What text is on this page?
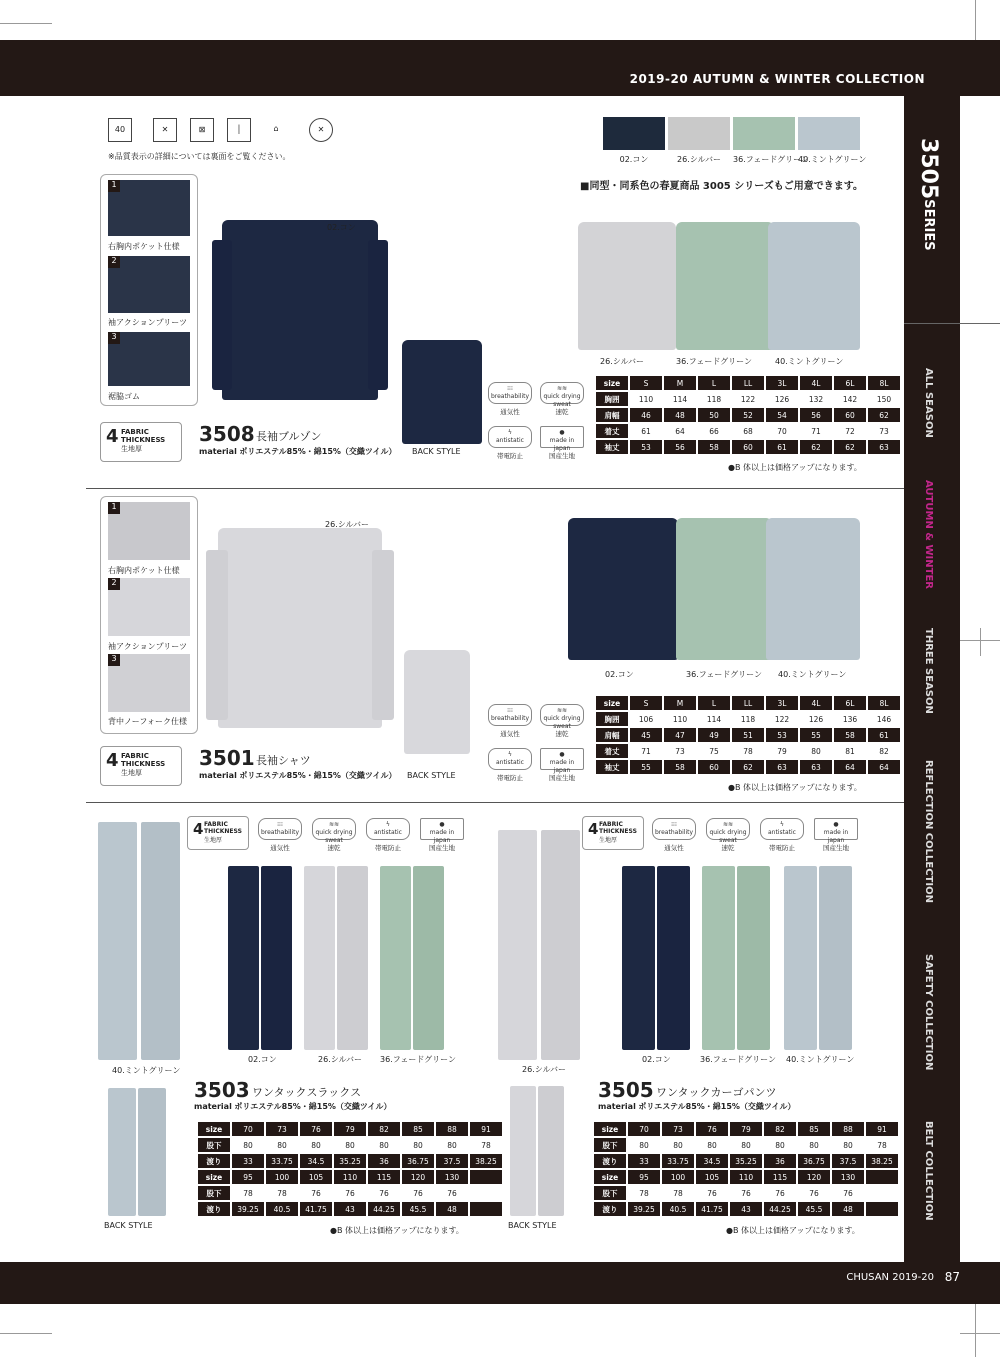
2019-20 AUTUMN & WINTER COLLECTION
3505SERIES
ALL SEASON
AUTUMN & WINTER
THREE SEASON
REFLECTION COLLECTION
SAFETY COLLECTION
BELT COLLECTION
CHUSAN 2019-20 87
40	✕	⊠	│	⌂	✕
※品質表示の詳細については裏面をご覧ください。	02.コン	26.シルバー	36.フェードグリーン
40.ミントグリーン
■同型・同系色の春夏商品 3005 シリーズもご用意できます。
1
右胸内ポケット仕様
2
袖アクションプリーツ
3
裾脇ゴム
02.コン
BACK STYLE
4 FABRIC
THICKNESS
生地厚
3508 長袖ブルゾン
material ポリエステル85%・綿15%（交織ツイル）
26.シルバー	36.フェードグリーン	40.ミントグリーン
⁝⁝⁝
breathability
通気性
≋≋
quick drying sweat
速乾
ϟ
antistatic
帯電防止
●
made in japan
国産生地
size	S	M	L	LL	3L	4L	6L	8L
胸囲	110	114	118	122	126	132	142	150
肩幅	46	48	50	52	54	56	60	62
着丈	61	64	66	68	70	71	72	73
袖丈	53	56	58	60	61	62	62	63
●B 体以上は価格アップになります。
1
右胸内ポケット仕様
2
袖アクションプリーツ
3
背中ノーフォーク仕様
26.シルバー
BACK STYLE
4 FABRIC
THICKNESS
生地厚
3501 長袖シャツ
material ポリエステル85%・綿15%（交織ツイル）
02.コン	36.フェードグリーン 40.ミントグリーン
⁝⁝⁝
breathability
通気性
≋≋
quick drying sweat
速乾
ϟ
antistatic
帯電防止
●
made in japan
国産生地
size	S	M	L	LL	3L	4L	6L	8L
胸囲	106	110	114	118	122	126	136	146
肩幅	45	47	49	51	53	55	58	61
着丈	71	73	75	78	79	80	81	82
袖丈	55	58	60	62	63	63	64	64
●B 体以上は価格アップになります。
40.ミントグリーン
4 FABRIC
THICKNESS
生地厚
⁝⁝⁝
breathability
通気性
≋≋
quick drying sweat
速乾
ϟ
antistatic
帯電防止
●
made in japan
国産生地
02.コン	26.シルバー 36.フェードグリーン
BACK STYLE
3503 ワンタックスラックス
material ポリエステル85%・綿15%（交織ツイル）
size	70	73	76	79	82	85	88	91
股下	80	80	80	80	80	80	80	78
渡り	33	33.75	34.5	35.25	36	36.75	37.5	38.25
size	95	100	105	110	115	120	130	
股下	78	78	76	76	76	76	76	
渡り	39.25	40.5	41.75	43	44.25	45.5	48	
●B 体以上は価格アップになります。
26.シルバー
4 FABRIC
THICKNESS
生地厚
⁝⁝⁝
breathability
通気性
≋≋
quick drying sweat
速乾
ϟ
antistatic
帯電防止
●
made in japan
国産生地
02.コン	36.フェードグリーン 40.ミントグリーン
BACK STYLE
3505 ワンタックカーゴパンツ
material ポリエステル85%・綿15%（交織ツイル）
size	70	73	76	79	82	85	88	91
股下	80	80	80	80	80	80	80	78
渡り	33	33.75	34.5	35.25	36	36.75	37.5	38.25
size	95	100	105	110	115	120	130	
股下	78	78	76	76	76	76	76	
渡り	39.25	40.5	41.75	43	44.25	45.5	48	
●B 体以上は価格アップになります。
